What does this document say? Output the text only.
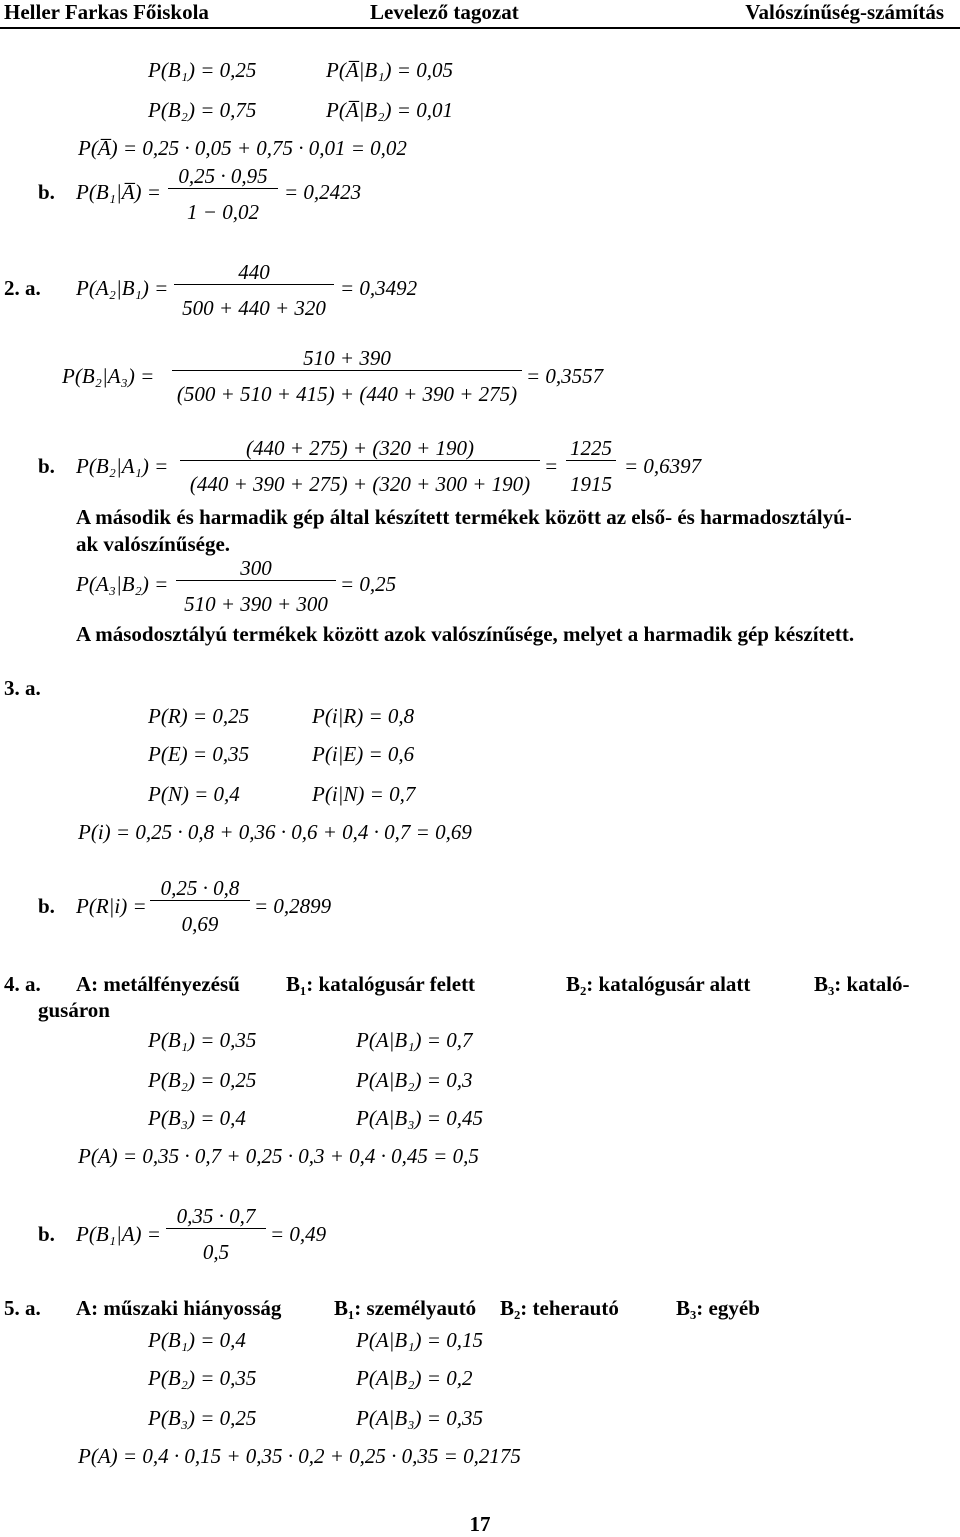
Heller Farkas Főiskola	Levelező tagozat	Valószínűség-számítás
P(B₁) = 0,25	P(A̅|B₁) = 0,05
P(B₂) = 0,75	P(A̅|B₂) = 0,01
P(A̅) = 0,25 · 0,05 + 0,75 · 0,01 = 0,02
b. P(B₁|A̅) =
0,25 · 0,95
1 − 0,02
= 0,2423
2. a. P(A₂|B₁) =
440
500 + 440 + 320
= 0,3492
P(B₂|A₃) =
510 + 390
(500 + 510 + 415) + (440 + 390 + 275)
= 0,3557
b. P(B₂|A₁) =
(440 + 275) + (320 + 190)
(440 + 390 + 275) + (320 + 300 + 190)
=
1225
1915
= 0,6397
A második és harmadik gép által készített termékek között az első- és harmadosztályú-
ak valószínűsége.
P(A₃|B₂) =
300
510 + 390 + 300
= 0,25
A másodosztályú termékek között azok valószínűsége, melyet a harmadik gép készített.
3. a.
P(R) = 0,25	P(i|R) = 0,8
P(E) = 0,35	P(i|E) = 0,6
P(N) = 0,4	P(i|N) = 0,7
P(i) = 0,25 · 0,8 + 0,36 · 0,6 + 0,4 · 0,7 = 0,69
b. P(R|i) =
0,25 · 0,8
0,69
= 0,2899
4. a. A: metálfényezésű B₁: katalógusár felett	B₂: katalógusár alatt	B₃: kataló-
gusáron
P(B₁) = 0,35	P(A|B₁) = 0,7
P(B₂) = 0,25	P(A|B₂) = 0,3
P(B₃) = 0,4	P(A|B₃) = 0,45
P(A) = 0,35 · 0,7 + 0,25 · 0,3 + 0,4 · 0,45 = 0,5
b. P(B₁|A) =
0,35 · 0,7
0,5
= 0,49
5. a. A: műszaki hiányosság	B₁: személyautó B₂: teherautó	B₃: egyéb
P(B₁) = 0,4	P(A|B₁) = 0,15
P(B₂) = 0,35	P(A|B₂) = 0,2
P(B₃) = 0,25	P(A|B₃) = 0,35
P(A) = 0,4 · 0,15 + 0,35 · 0,2 + 0,25 · 0,35 = 0,2175
17
